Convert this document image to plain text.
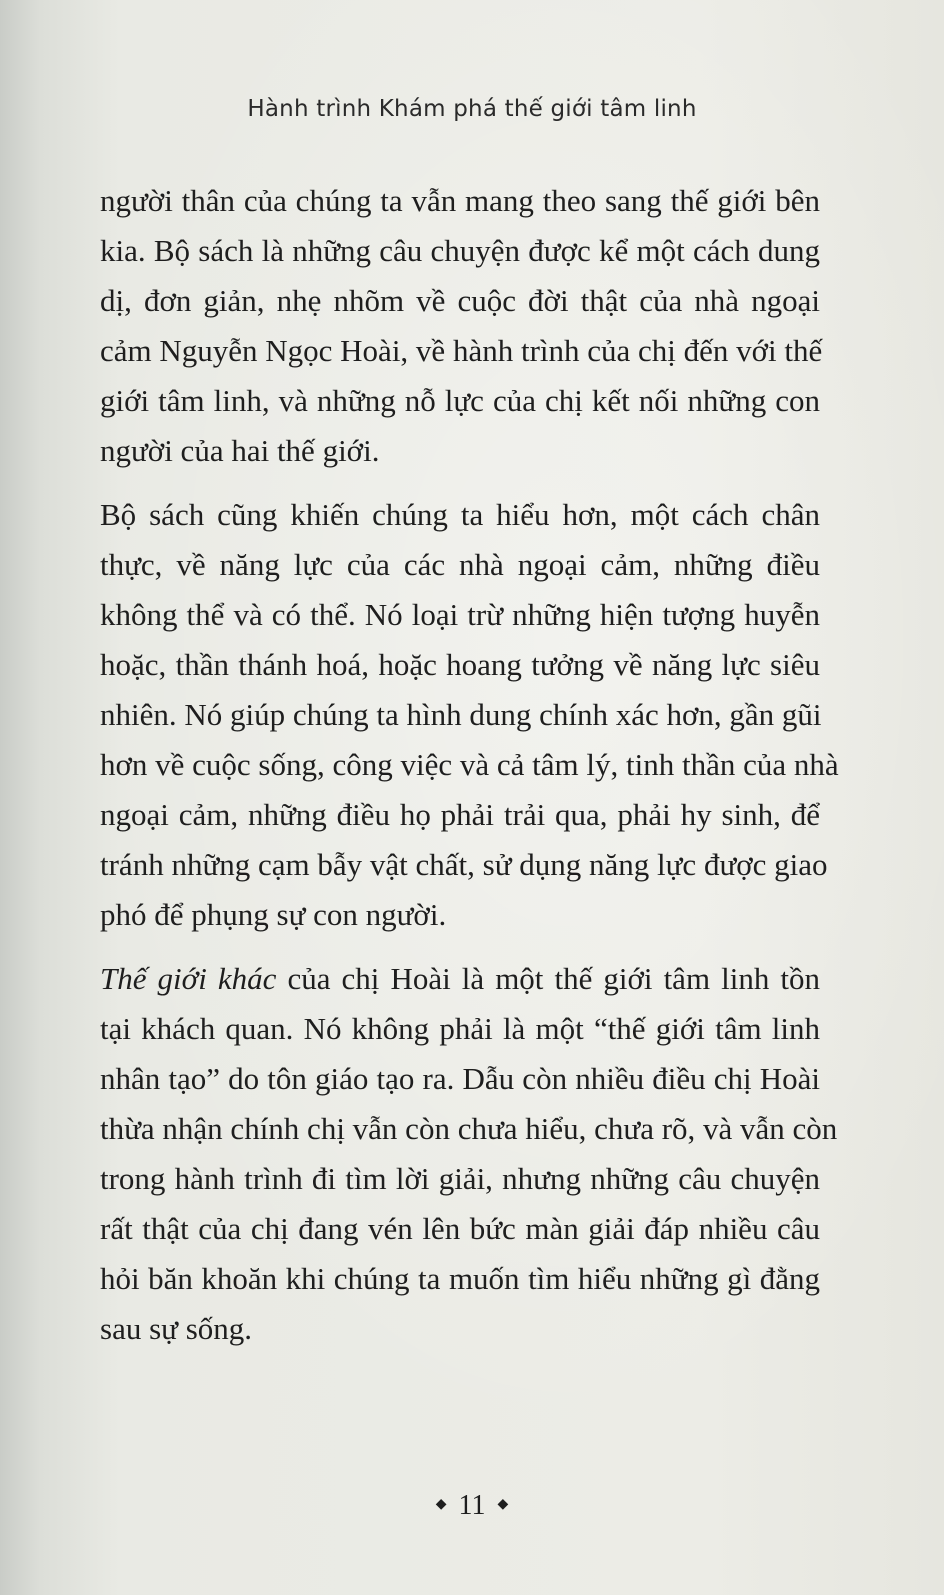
Hành trình Khám phá thế giới tâm linh
người thân của chúng ta vẫn mang theo sang thế giới bên
kia. Bộ sách là những câu chuyện được kể một cách dung
dị, đơn giản, nhẹ nhõm về cuộc đời thật của nhà ngoại
cảm Nguyễn Ngọc Hoài, về hành trình của chị đến với thế
giới tâm linh, và những nỗ lực của chị kết nối những con
người của hai thế giới.
Bộ sách cũng khiến chúng ta hiểu hơn, một cách chân
thực, về năng lực của các nhà ngoại cảm, những điều
không thể và có thể. Nó loại trừ những hiện tượng huyễn
hoặc, thần thánh hoá, hoặc hoang tưởng về năng lực siêu
nhiên. Nó giúp chúng ta hình dung chính xác hơn, gần gũi
hơn về cuộc sống, công việc và cả tâm lý, tinh thần của nhà
ngoại cảm, những điều họ phải trải qua, phải hy sinh, để
tránh những cạm bẫy vật chất, sử dụng năng lực được giao
phó để phụng sự con người.
Thế giới khác của chị Hoài là một thế giới tâm linh tồn
tại khách quan. Nó không phải là một “thế giới tâm linh
nhân tạo” do tôn giáo tạo ra. Dẫu còn nhiều điều chị Hoài
thừa nhận chính chị vẫn còn chưa hiểu, chưa rõ, và vẫn còn
trong hành trình đi tìm lời giải, nhưng những câu chuyện
rất thật của chị đang vén lên bức màn giải đáp nhiều câu
hỏi băn khoăn khi chúng ta muốn tìm hiểu những gì đằng
sau sự sống.
◆ 11 ◆
